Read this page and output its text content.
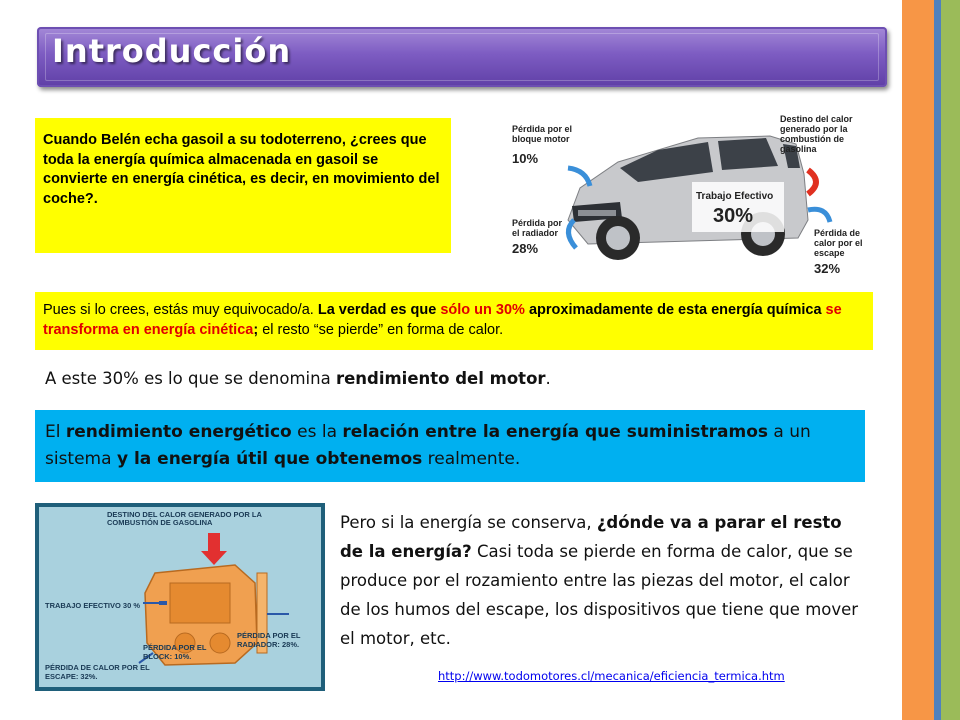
Introducción

Cuando Belén echa gasoil a su todoterreno, ¿crees que toda la energía química almacenada en gasoil se convierte en energía cinética, es decir, en movimiento del coche?.

Pérdida por el bloque motor
10%
Pérdida por el radiador
28%
Trabajo Efectivo
30%
Destino del calor generado por la combustión de gasolina
Pérdida de calor por el escape
32%

Pues si lo crees, estás muy equivocado/a. La verdad es que sólo un 30% aproximadamente de esta energía química se transforma en energía cinética; el resto “se pierde” en forma de calor.

A este 30% es lo que se denomina rendimiento del motor.

El rendimiento energético es la relación entre la energía que suministramos a un sistema y la energía útil que obtenemos realmente.

DESTINO DEL CALOR GENERADO POR LA COMBUSTIÓN DE GASOLINA
TRABAJO EFECTIVO 30 %
PÉRDIDA POR EL RADIADOR: 28%.
PÉRDIDA POR EL BLOCK: 10%.
PÉRDIDA DE CALOR POR EL ESCAPE: 32%.
Pero si la energía se conserva, ¿dónde va a parar el resto de la energía? Casi toda se pierde en forma de calor, que se produce por el rozamiento entre las piezas del motor, el calor de los humos del escape, los dispositivos que tiene que mover el motor, etc.
http://www.todomotores.cl/mecanica/eficiencia_termica.htm
